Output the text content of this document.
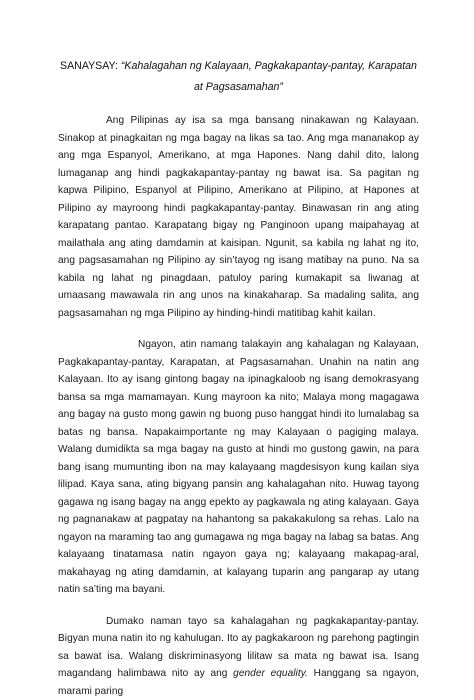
SANAYSAY: “Kahalagahan ng Kalayaan, Pagkakapantay-pantay, Karapatan at Pagsasamahan”

Ang Pilipinas ay isa sa mga bansang ninakawan ng Kalayaan. Sinakop at pinagkaitan ng mga bagay na likas sa tao. Ang mga mananakop ay ang mga Espanyol, Amerikano, at mga Hapones. Nang dahil dito, lalong lumaganap ang hindi pagkakapantay-pantay ng bawat isa. Sa pagitan ng kapwa Pilipino, Espanyol at Pilipino, Amerikano at Pilipino, at Hapones at Pilipino ay mayroong hindi pagkakapantay-pantay. Binawasan rin ang ating karapatang pantao. Karapatang bigay ng Panginoon upang maipahayag at mailathala ang ating damdamin at kaisipan. Ngunit, sa kabila ng lahat ng ito, ang pagsasamahan ng Pilipino ay sin’tayog ng isang matibay na puno. Na sa kabila ng lahat ng pinagdaan, patuloy paring kumakapit sa liwanag at umaasang mawawala rin ang unos na kinakaharap. Sa madaling salita, ang pagsasamahan ng mga Pilipino ay hinding-hindi matitibag kahit kailan.

Ngayon, atin namang talakayin ang kahalagan ng Kalayaan, Pagkakapantay-pantay, Karapatan, at Pagsasamahan. Unahin na natin ang Kalayaan. Ito ay isang gintong bagay na ipinagkaloob ng isang demokrasyang bansa sa mga mamamayan. Kung mayroon ka nito; Malaya mong magagawa ang bagay na gusto mong gawin ng buong puso hanggat hindi ito lumalabag sa batas ng bansa. Napakaimportante ng may Kalayaan o pagiging malaya. Walang dumidikta sa mga bagay na gusto at hindi mo gustong gawin, na para bang isang mumunting ibon na may kalayaang magdesisyon kung kailan siya lilipad. Kaya sana, ating bigyang pansin ang kahalagahan nito. Huwag tayong gagawa ng isang bagay na angg epekto ay pagkawala ng ating kalayaan. Gaya ng pagnanakaw at pagpatay na hahantong sa pakakakulong sa rehas. Lalo na ngayon na maraming tao ang gumagawa ng mga bagay na labag sa batas. Ang kalayaang tinatamasa natin ngayon gaya ng; kalayaang makapag-aral, makahayag ng ating damdamin, at kalayang tuparin ang pangarap ay utang natin sa’ting ma bayani.

Dumako naman tayo sa kahalagahan ng pagkakapantay-pantay. Bigyan muna natin ito ng kahulugan. Ito ay pagkakaroon ng parehong pagtingin sa bawat isa. Walang diskriminasyong lilitaw sa mata ng bawat isa. Isang magandang halimbawa nito ay ang gender equality. Hanggang sa ngayon, marami paring
